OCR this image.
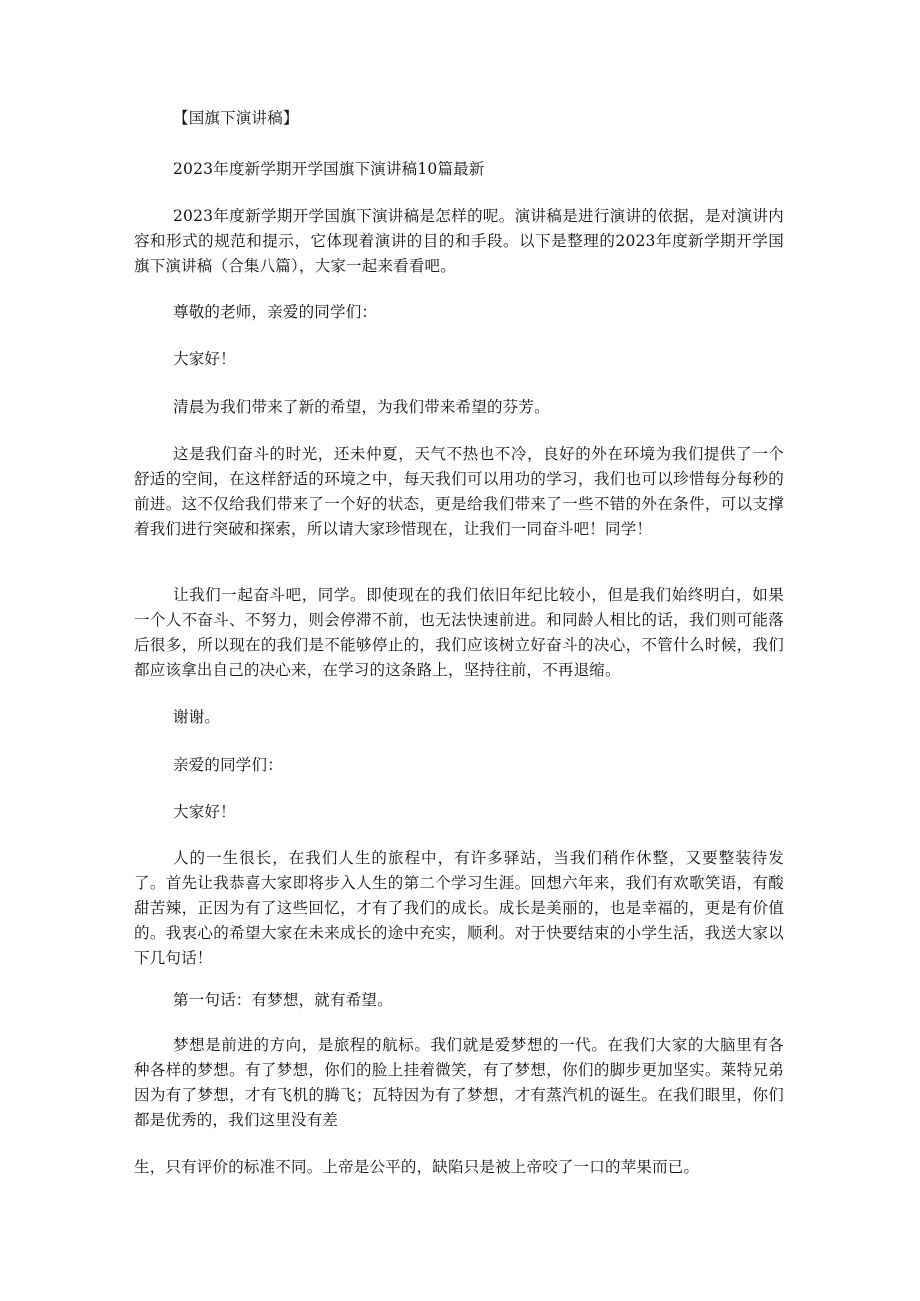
【国旗下演讲稿】

2023年度新学期开学国旗下演讲稿10篇最新

2023年度新学期开学国旗下演讲稿是怎样的呢。演讲稿是进行演讲的依据，是对演讲内容和形式的规范和提示，它体现着演讲的目的和手段。以下是整理的2023年度新学期开学国旗下演讲稿（合集八篇），大家一起来看看吧。

尊敬的老师，亲爱的同学们：

大家好！

清晨为我们带来了新的希望，为我们带来希望的芬芳。

这是我们奋斗的时光，还未仲夏，天气不热也不冷，良好的外在环境为我们提供了一个舒适的空间，在这样舒适的环境之中，每天我们可以用功的学习，我们也可以珍惜每分每秒的前进。这不仅给我们带来了一个好的状态，更是给我们带来了一些不错的外在条件，可以支撑着我们进行突破和探索，所以请大家珍惜现在，让我们一同奋斗吧！同学！

让我们一起奋斗吧，同学。即使现在的我们依旧年纪比较小，但是我们始终明白，如果一个人不奋斗、不努力，则会停滞不前，也无法快速前进。和同龄人相比的话，我们则可能落后很多，所以现在的我们是不能够停止的，我们应该树立好奋斗的决心，不管什么时候，我们都应该拿出自己的决心来，在学习的这条路上，坚持往前，不再退缩。

谢谢。

亲爱的同学们：

大家好！

人的一生很长，在我们人生的旅程中，有许多驿站，当我们稍作休整，又要整装待发了。首先让我恭喜大家即将步入人生的第二个学习生涯。回想六年来，我们有欢歌笑语，有酸甜苦辣，正因为有了这些回忆，才有了我们的成长。成长是美丽的，也是幸福的，更是有价值的。我衷心的希望大家在未来成长的途中充实，顺利。对于快要结束的小学生活，我送大家以下几句话！

第一句话：有梦想，就有希望。

梦想是前进的方向，是旅程的航标。我们就是爱梦想的一代。在我们大家的大脑里有各种各样的梦想。有了梦想，你们的脸上挂着微笑，有了梦想，你们的脚步更加坚实。莱特兄弟因为有了梦想，才有飞机的腾飞；瓦特因为有了梦想，才有蒸汽机的诞生。在我们眼里，你们都是优秀的，我们这里没有差

生，只有评价的标准不同。上帝是公平的，缺陷只是被上帝咬了一口的苹果而已。
